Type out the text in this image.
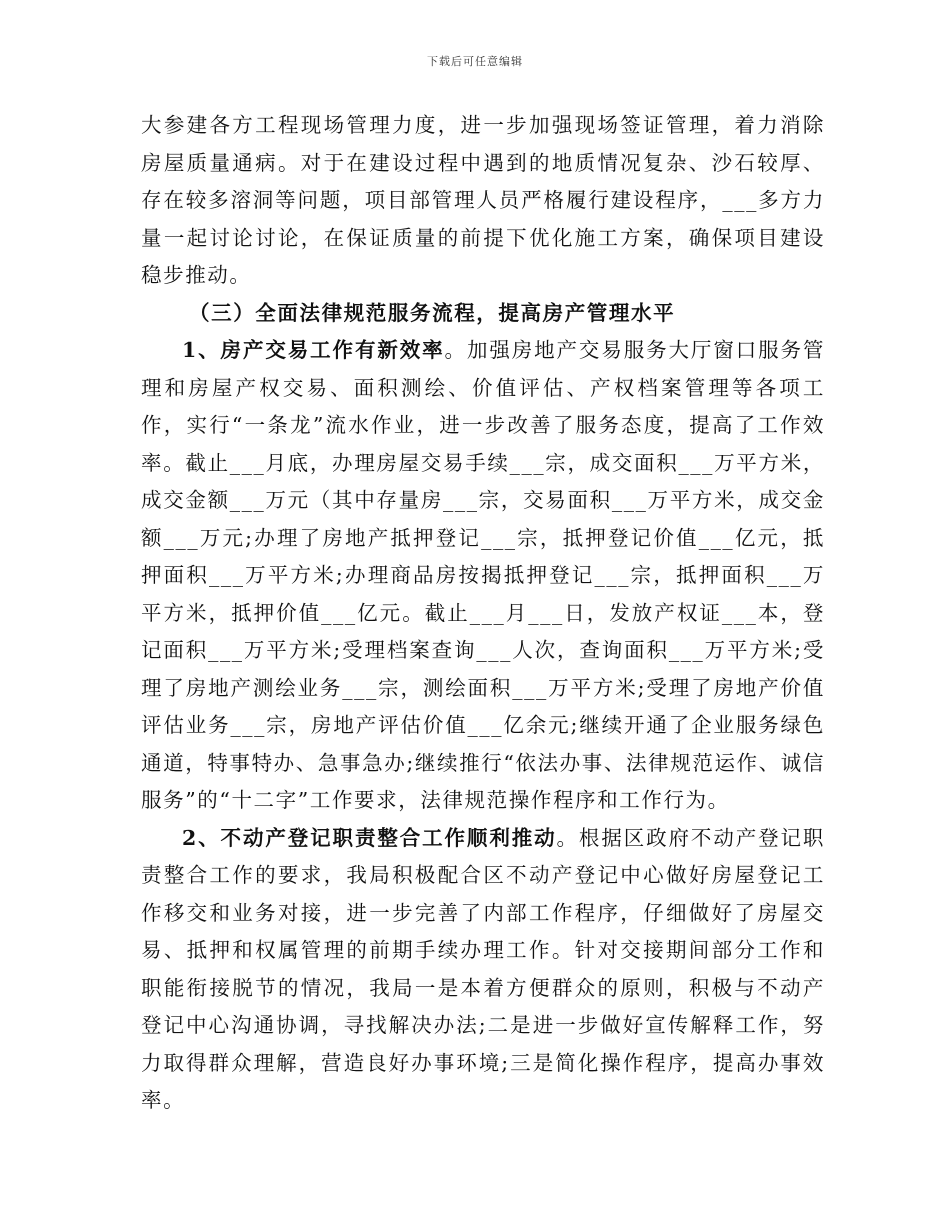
下载后可任意编辑

大参建各方工程现场管理力度，进一步加强现场签证管理，着力消除房屋质量通病。对于在建设过程中遇到的地质情况复杂、沙石较厚、存在较多溶洞等问题，项目部管理人员严格履行建设程序，___多方力量一起讨论讨论，在保证质量的前提下优化施工方案，确保项目建设稳步推动。

（三）全面法律规范服务流程，提高房产管理水平

1、房产交易工作有新效率。加强房地产交易服务大厅窗口服务管理和房屋产权交易、面积测绘、价值评估、产权档案管理等各项工作，实行“一条龙”流水作业，进一步改善了服务态度，提高了工作效率。截止___月底，办理房屋交易手续___宗，成交面积___万平方米，成交金额___万元（其中存量房___宗，交易面积___万平方米，成交金额___万元;办理了房地产抵押登记___宗，抵押登记价值___亿元，抵押面积___万平方米;办理商品房按揭抵押登记___宗，抵押面积___万平方米，抵押价值___亿元。截止___月___日，发放产权证___本，登记面积___万平方米;受理档案查询___人次，查询面积___万平方米;受理了房地产测绘业务___宗，测绘面积___万平方米;受理了房地产价值评估业务___宗，房地产评估价值___亿余元;继续开通了企业服务绿色通道，特事特办、急事急办;继续推行“依法办事、法律规范运作、诚信服务”的“十二字”工作要求，法律规范操作程序和工作行为。

2、不动产登记职责整合工作顺利推动。根据区政府不动产登记职责整合工作的要求，我局积极配合区不动产登记中心做好房屋登记工作移交和业务对接，进一步完善了内部工作程序，仔细做好了房屋交易、抵押和权属管理的前期手续办理工作。针对交接期间部分工作和职能衔接脱节的情况，我局一是本着方便群众的原则，积极与不动产登记中心沟通协调，寻找解决办法;二是进一步做好宣传解释工作，努力取得群众理解，营造良好办事环境;三是简化操作程序，提高办事效率。
